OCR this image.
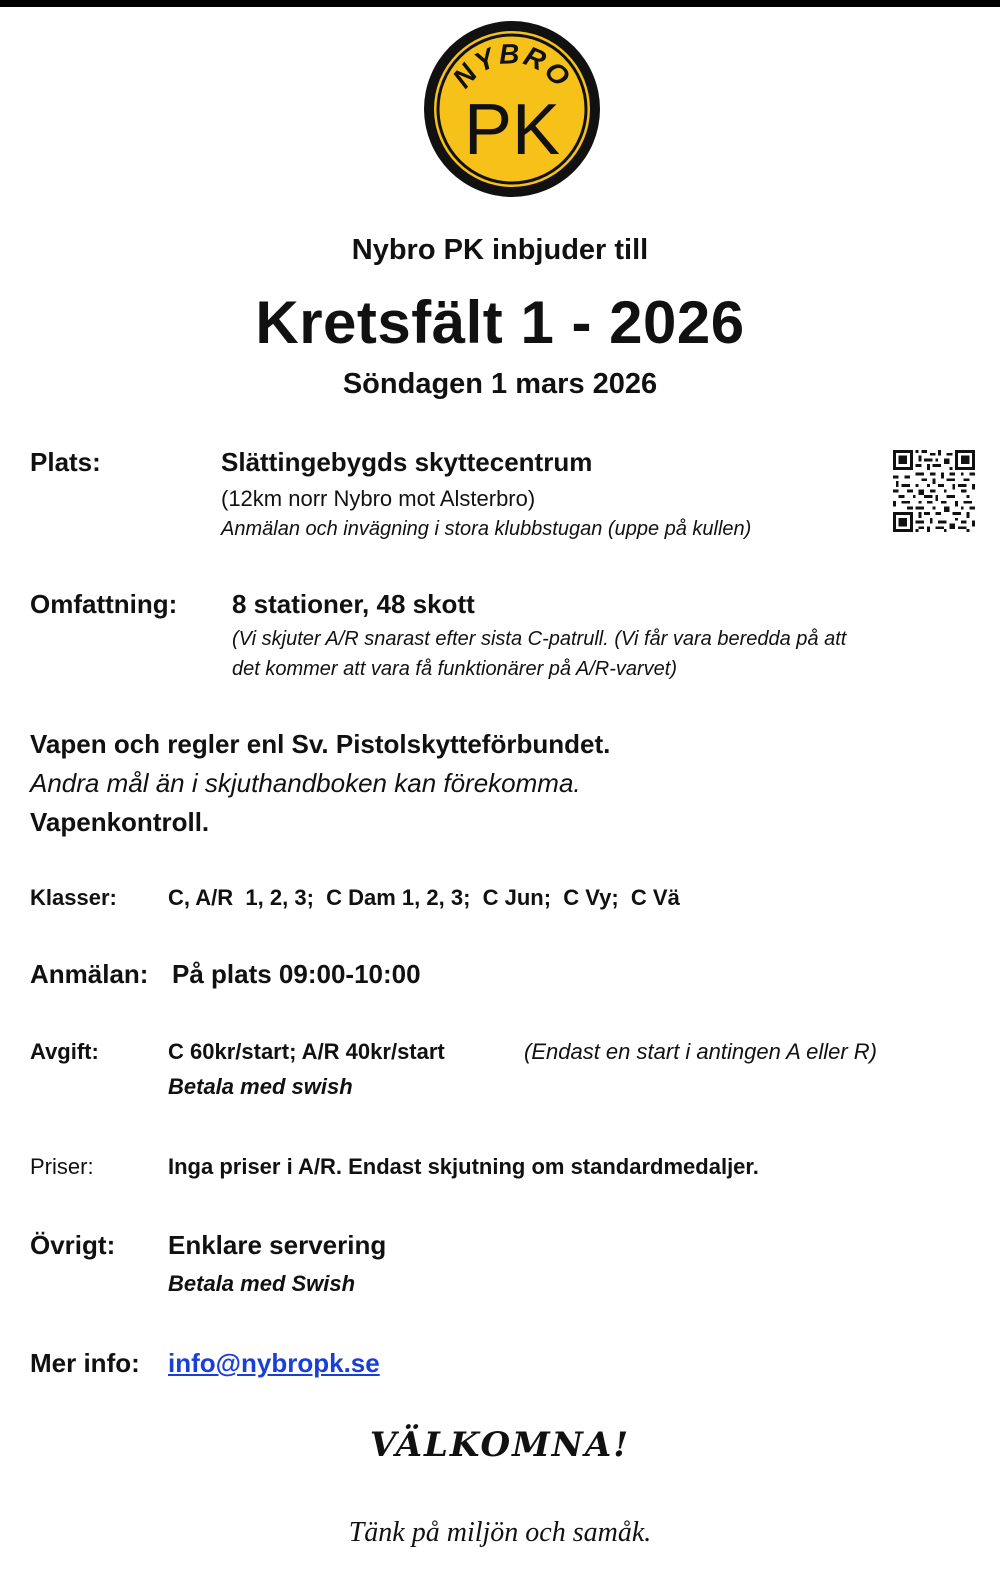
NYBRO
PK
Nybro PK inbjuder till
Kretsfält 1 - 2026
Söndagen 1 mars 2026
Plats:	Slättingebygds skyttecentrum
(12km norr Nybro mot Alsterbro)
Anmälan och invägning i stora klubbstugan (uppe på kullen)
Omfattning: 8 stationer, 48 skott
(Vi skjuter A/R snarast efter sista C-patrull. (Vi får vara beredda på att
det kommer att vara få funktionärer på A/R-varvet)
Vapen och regler enl Sv. Pistolskytteförbundet.
Andra mål än i skjuthandboken kan förekomma.
Vapenkontroll.
Klasser: C, A/R  1, 2, 3;  C Dam 1, 2, 3;  C Jun;  C Vy;  C Vä
Anmälan: På plats 09:00-10:00
Avgift:	C 60kr/start; A/R 40kr/start	(Endast en start i antingen A eller R)
Betala med swish
Priser:	Inga priser i A/R. Endast skjutning om standardmedaljer.
Övrigt: Enklare servering
Betala med Swish
Mer info: info@nybropk.se
VÄLKOMNA!
Tänk på miljön och samåk.
